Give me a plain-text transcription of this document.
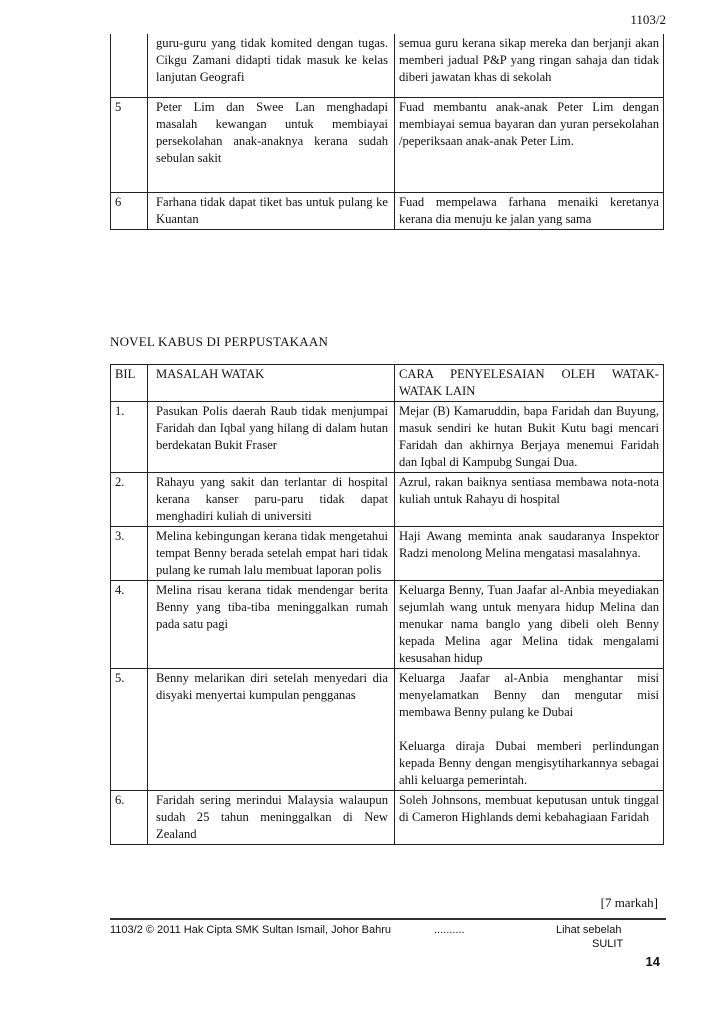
1103/2
	guru-guru yang tidak komited dengan tugas. Cikgu Zamani didapti tidak masuk ke kelas lanjutan Geografi	semua guru kerana sikap mereka dan berjanji akan memberi jadual P&P yang ringan sahaja dan tidak diberi jawatan khas di sekolah

5	Peter Lim dan Swee Lan menghadapi masalah kewangan untuk membiayai persekolahan anak-anaknya kerana sudah sebulan sakit	Fuad membantu anak-anak Peter Lim dengan membiayai semua bayaran dan yuran persekolahan /peperiksaan anak-anak Peter Lim.

6	Farhana tidak dapat tiket bas untuk pulang ke Kuantan	Fuad mempelawa farhana menaiki keretanya kerana dia menuju ke jalan yang sama
NOVEL KABUS DI PERPUSTAKAAN
BIL	MASALAH WATAK	CARA PENYELESAIAN OLEH WATAK-WATAK LAIN
1.	Pasukan Polis daerah Raub tidak menjumpai Faridah dan Iqbal yang hilang di dalam hutan berdekatan Bukit Fraser	Mejar (B) Kamaruddin, bapa Faridah dan Buyung, masuk sendiri ke hutan Bukit Kutu bagi mencari Faridah dan akhirnya Berjaya menemui Faridah dan Iqbal di Kampubg Sungai Dua.
2.	Rahayu yang sakit dan terlantar di hospital kerana kanser paru-paru tidak dapat menghadiri kuliah di universiti	Azrul, rakan baiknya sentiasa membawa nota-nota kuliah untuk Rahayu di hospital
3.	Melina kebingungan kerana tidak mengetahui tempat Benny berada setelah empat hari tidak pulang ke rumah lalu membuat laporan polis	Haji Awang meminta anak saudaranya Inspektor Radzi menolong Melina mengatasi masalahnya.
4.	Melina risau kerana tidak mendengar berita Benny yang tiba-tiba meninggalkan rumah pada satu pagi	Keluarga Benny, Tuan Jaafar al-Anbia meyediakan sejumlah wang untuk menyara hidup Melina dan menukar nama banglo yang dibeli oleh Benny kepada Melina agar Melina tidak mengalami kesusahan hidup
5.	Benny melarikan diri setelah menyedari dia disyaki menyertai kumpulan pengganas	Keluarga Jaafar al-Anbia menghantar misi menyelamatkan Benny dan mengutar misi membawa Benny pulang ke Dubai
Keluarga diraja Dubai memberi perlindungan kepada Benny dengan mengisytiharkannya sebagai ahli keluarga pemerintah.

6.	Faridah sering merindui Malaysia walaupun sudah 25 tahun meninggalkan di New Zealand	Soleh Johnsons, membuat keputusan untuk tinggal di Cameron Highlands demi kebahagiaan Faridah
[7 markah]
1103/2 © 2011 Hak Cipta SMK Sultan Ismail, Johor Bahru	..........	Lihat sebelah
SULIT
14
